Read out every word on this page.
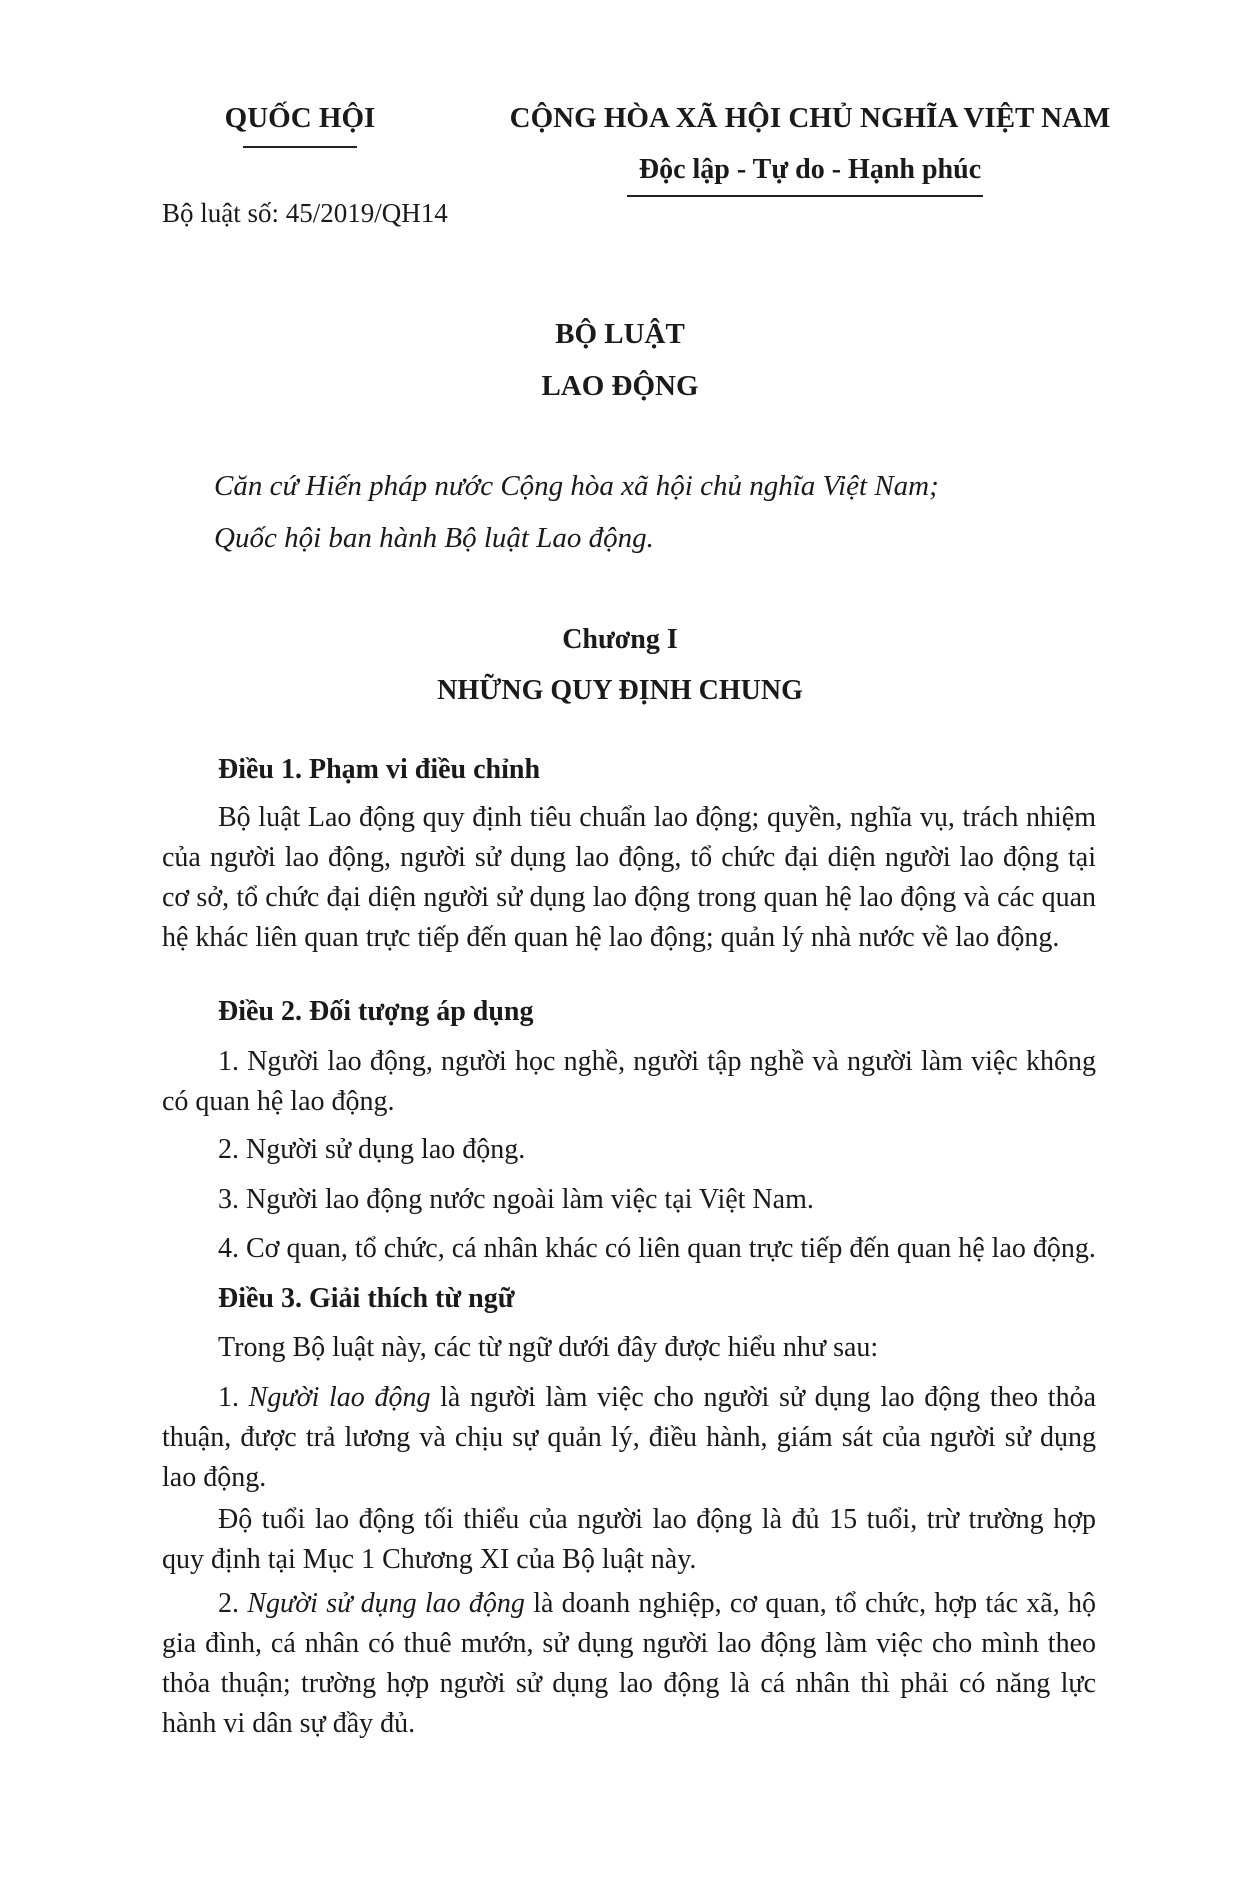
QUỐC HỘI
Bộ luật số: 45/2019/QH14
CỘNG HÒA XÃ HỘI CHỦ NGHĨA VIỆT NAM
Độc lập - Tự do - Hạnh phúc
BỘ LUẬT
LAO ĐỘNG
Căn cứ Hiến pháp nước Cộng hòa xã hội chủ nghĩa Việt Nam;
Quốc hội ban hành Bộ luật Lao động.
Chương I
NHỮNG QUY ĐỊNH CHUNG
Điều 1. Phạm vi điều chỉnh
Bộ luật Lao động quy định tiêu chuẩn lao động; quyền, nghĩa vụ, trách nhiệm của người lao động, người sử dụng lao động, tổ chức đại diện người lao động tại cơ sở, tổ chức đại diện người sử dụng lao động trong quan hệ lao động và các quan hệ khác liên quan trực tiếp đến quan hệ lao động; quản lý nhà nước về lao động.
Điều 2. Đối tượng áp dụng
1. Người lao động, người học nghề, người tập nghề và người làm việc không có quan hệ lao động.
2. Người sử dụng lao động.
3. Người lao động nước ngoài làm việc tại Việt Nam.
4. Cơ quan, tổ chức, cá nhân khác có liên quan trực tiếp đến quan hệ lao động.
Điều 3. Giải thích từ ngữ
Trong Bộ luật này, các từ ngữ dưới đây được hiểu như sau:
1. Người lao động là người làm việc cho người sử dụng lao động theo thỏa thuận, được trả lương và chịu sự quản lý, điều hành, giám sát của người sử dụng lao động.
Độ tuổi lao động tối thiểu của người lao động là đủ 15 tuổi, trừ trường hợp quy định tại Mục 1 Chương XI của Bộ luật này.
2. Người sử dụng lao động là doanh nghiệp, cơ quan, tổ chức, hợp tác xã, hộ gia đình, cá nhân có thuê mướn, sử dụng người lao động làm việc cho mình theo thỏa thuận; trường hợp người sử dụng lao động là cá nhân thì phải có năng lực hành vi dân sự đầy đủ.
